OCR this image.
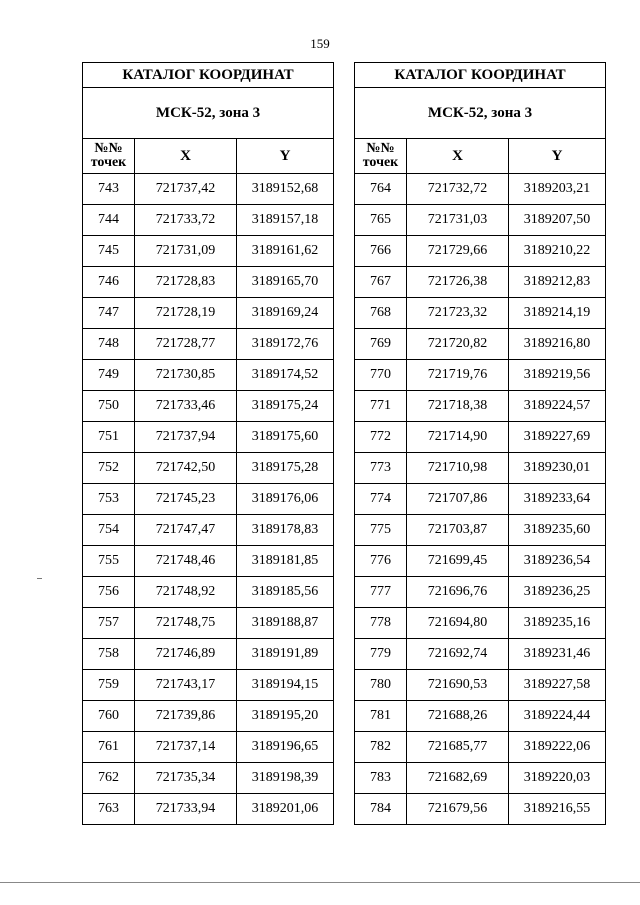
159
КАТАЛОГ КООРДИНАТ		
МСК-52, зона 3		
№№ точек	X	Y
743	721737,42	3189152,68
744	721733,72	3189157,18
745	721731,09	3189161,62
746	721728,83	3189165,70
747	721728,19	3189169,24
748	721728,77	3189172,76
749	721730,85	3189174,52
750	721733,46	3189175,24
751	721737,94	3189175,60
752	721742,50	3189175,28
753	721745,23	3189176,06
754	721747,47	3189178,83
755	721748,46	3189181,85
756	721748,92	3189185,56
757	721748,75	3189188,87
758	721746,89	3189191,89
759	721743,17	3189194,15
760	721739,86	3189195,20
761	721737,14	3189196,65
762	721735,34	3189198,39
763	721733,94	3189201,06
КАТАЛОГ КООРДИНАТ		
МСК-52, зона 3		
№№ точек	X	Y
764	721732,72	3189203,21
765	721731,03	3189207,50
766	721729,66	3189210,22
767	721726,38	3189212,83
768	721723,32	3189214,19
769	721720,82	3189216,80
770	721719,76	3189219,56
771	721718,38	3189224,57
772	721714,90	3189227,69
773	721710,98	3189230,01
774	721707,86	3189233,64
775	721703,87	3189235,60
776	721699,45	3189236,54
777	721696,76	3189236,25
778	721694,80	3189235,16
779	721692,74	3189231,46
780	721690,53	3189227,58
781	721688,26	3189224,44
782	721685,77	3189222,06
783	721682,69	3189220,03
784	721679,56	3189216,55
